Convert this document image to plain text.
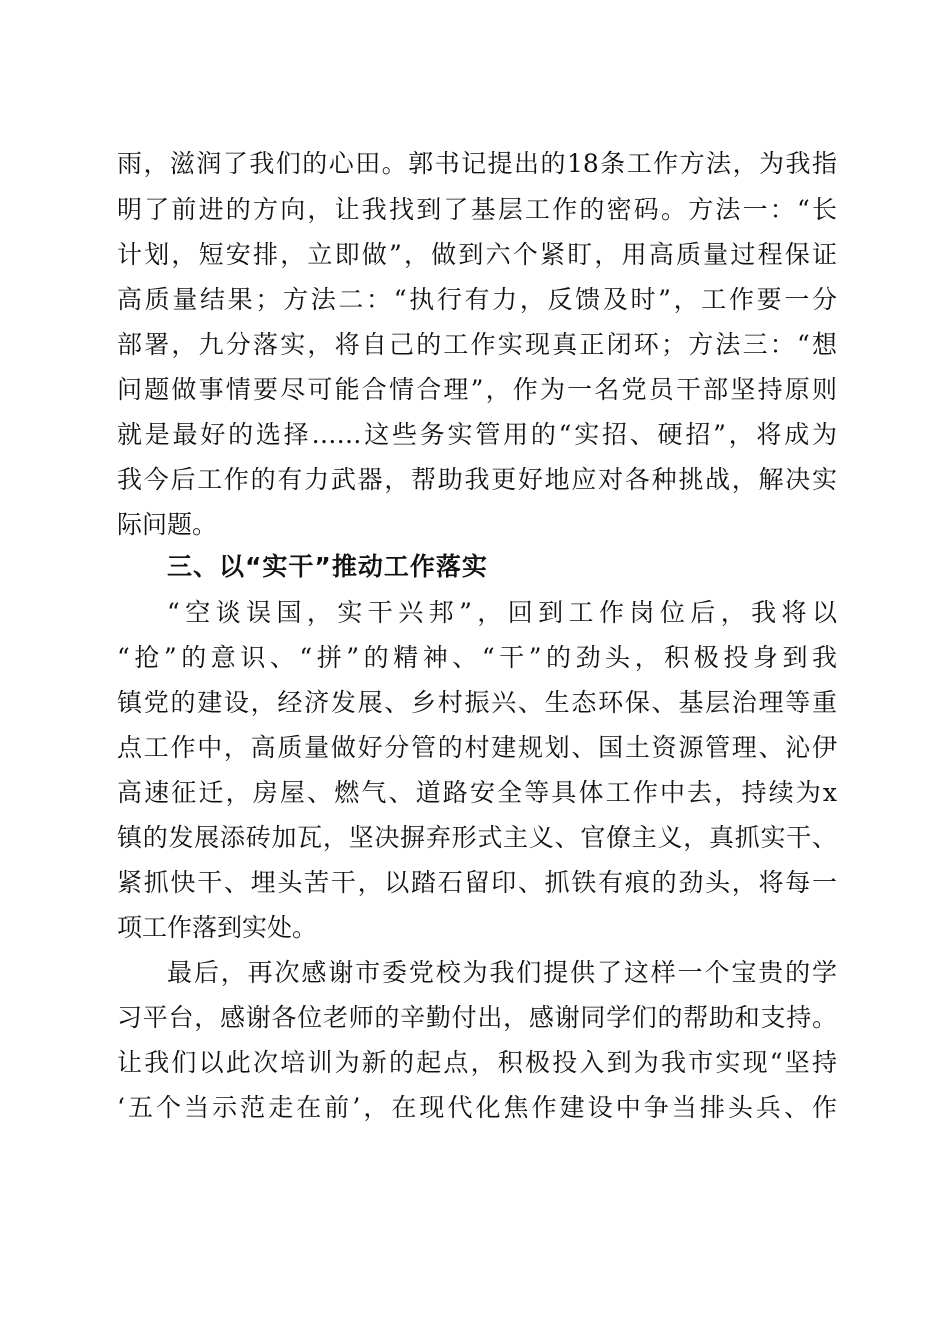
雨，滋润了我们的心田。郭书记提出的18条工作方法，为我指
明了前进的方向，让我找到了基层工作的密码。方法一：“长
计划，短安排，立即做”，做到六个紧盯，用高质量过程保证
高质量结果；方法二：“执行有力，反馈及时”，工作要一分
部署，九分落实，将自己的工作实现真正闭环；方法三：“想
问题做事情要尽可能合情合理”，作为一名党员干部坚持原则
就是最好的选择……这些务实管用的“实招、硬招”，将成为
我今后工作的有力武器，帮助我更好地应对各种挑战，解决实
际问题。
三、以“实干”推动工作落实
“空谈误国，实干兴邦”，回到工作岗位后，我将以
“抢”的意识、“拼”的精神、“干”的劲头，积极投身到我
镇党的建设，经济发展、乡村振兴、生态环保、基层治理等重
点工作中，高质量做好分管的村建规划、国土资源管理、沁伊
高速征迁，房屋、燃气、道路安全等具体工作中去，持续为x
镇的发展添砖加瓦，坚决摒弃形式主义、官僚主义，真抓实干、
紧抓快干、埋头苦干，以踏石留印、抓铁有痕的劲头，将每一
项工作落到实处。
最后，再次感谢市委党校为我们提供了这样一个宝贵的学
习平台，感谢各位老师的辛勤付出，感谢同学们的帮助和支持。
让我们以此次培训为新的起点，积极投入到为我市实现“坚持
‘五个当示范走在前’，在现代化焦作建设中争当排头兵、作
